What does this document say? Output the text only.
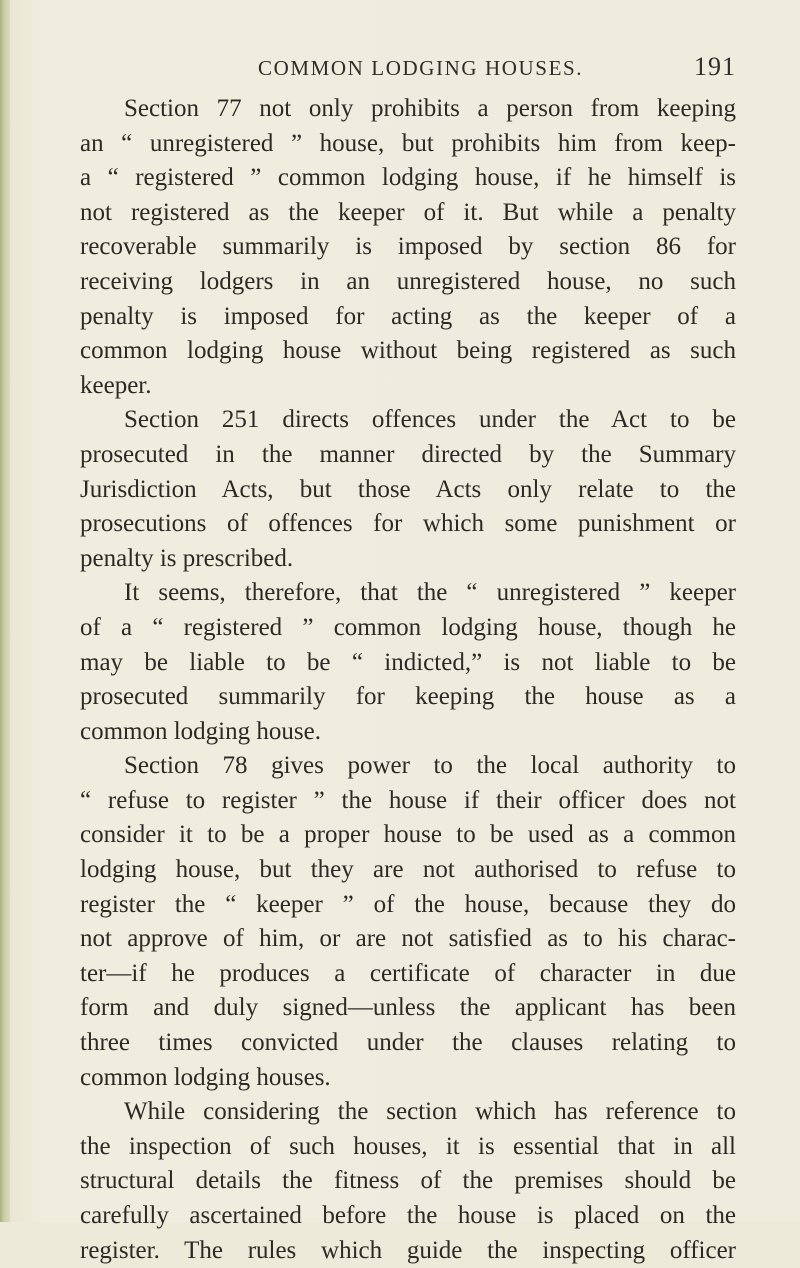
COMMON LODGING HOUSES.	191
Section 77 not only prohibits a person from keeping
an “ unregistered ” house, but prohibits him from keep-
a “ registered ” common lodging house, if he himself is
not registered as the keeper of it. But while a penalty
recoverable summarily is imposed by section 86 for
receiving lodgers in an unregistered house, no such
penalty is imposed for acting as the keeper of a
common lodging house without being registered as such
keeper.
Section 251 directs offences under the Act to be
prosecuted in the manner directed by the Summary
Jurisdiction Acts, but those Acts only relate to the
prosecutions of offences for which some punishment or
penalty is prescribed.
It seems, therefore, that the “ unregistered ” keeper
of a “ registered ” common lodging house, though he
may be liable to be “ indicted,” is not liable to be
prosecuted summarily for keeping the house as a
common lodging house.
Section 78 gives power to the local authority to
“ refuse to register ” the house if their officer does not
consider it to be a proper house to be used as a common
lodging house, but they are not authorised to refuse to
register the “ keeper ” of the house, because they do
not approve of him, or are not satisfied as to his charac-
ter—if he produces a certificate of character in due
form and duly signed—unless the applicant has been
three times convicted under the clauses relating to
common lodging houses.
While considering the section which has reference to
the inspection of such houses, it is essential that in all
structural details the fitness of the premises should be
carefully ascertained before the house is placed on the
register. The rules which guide the inspecting officer
